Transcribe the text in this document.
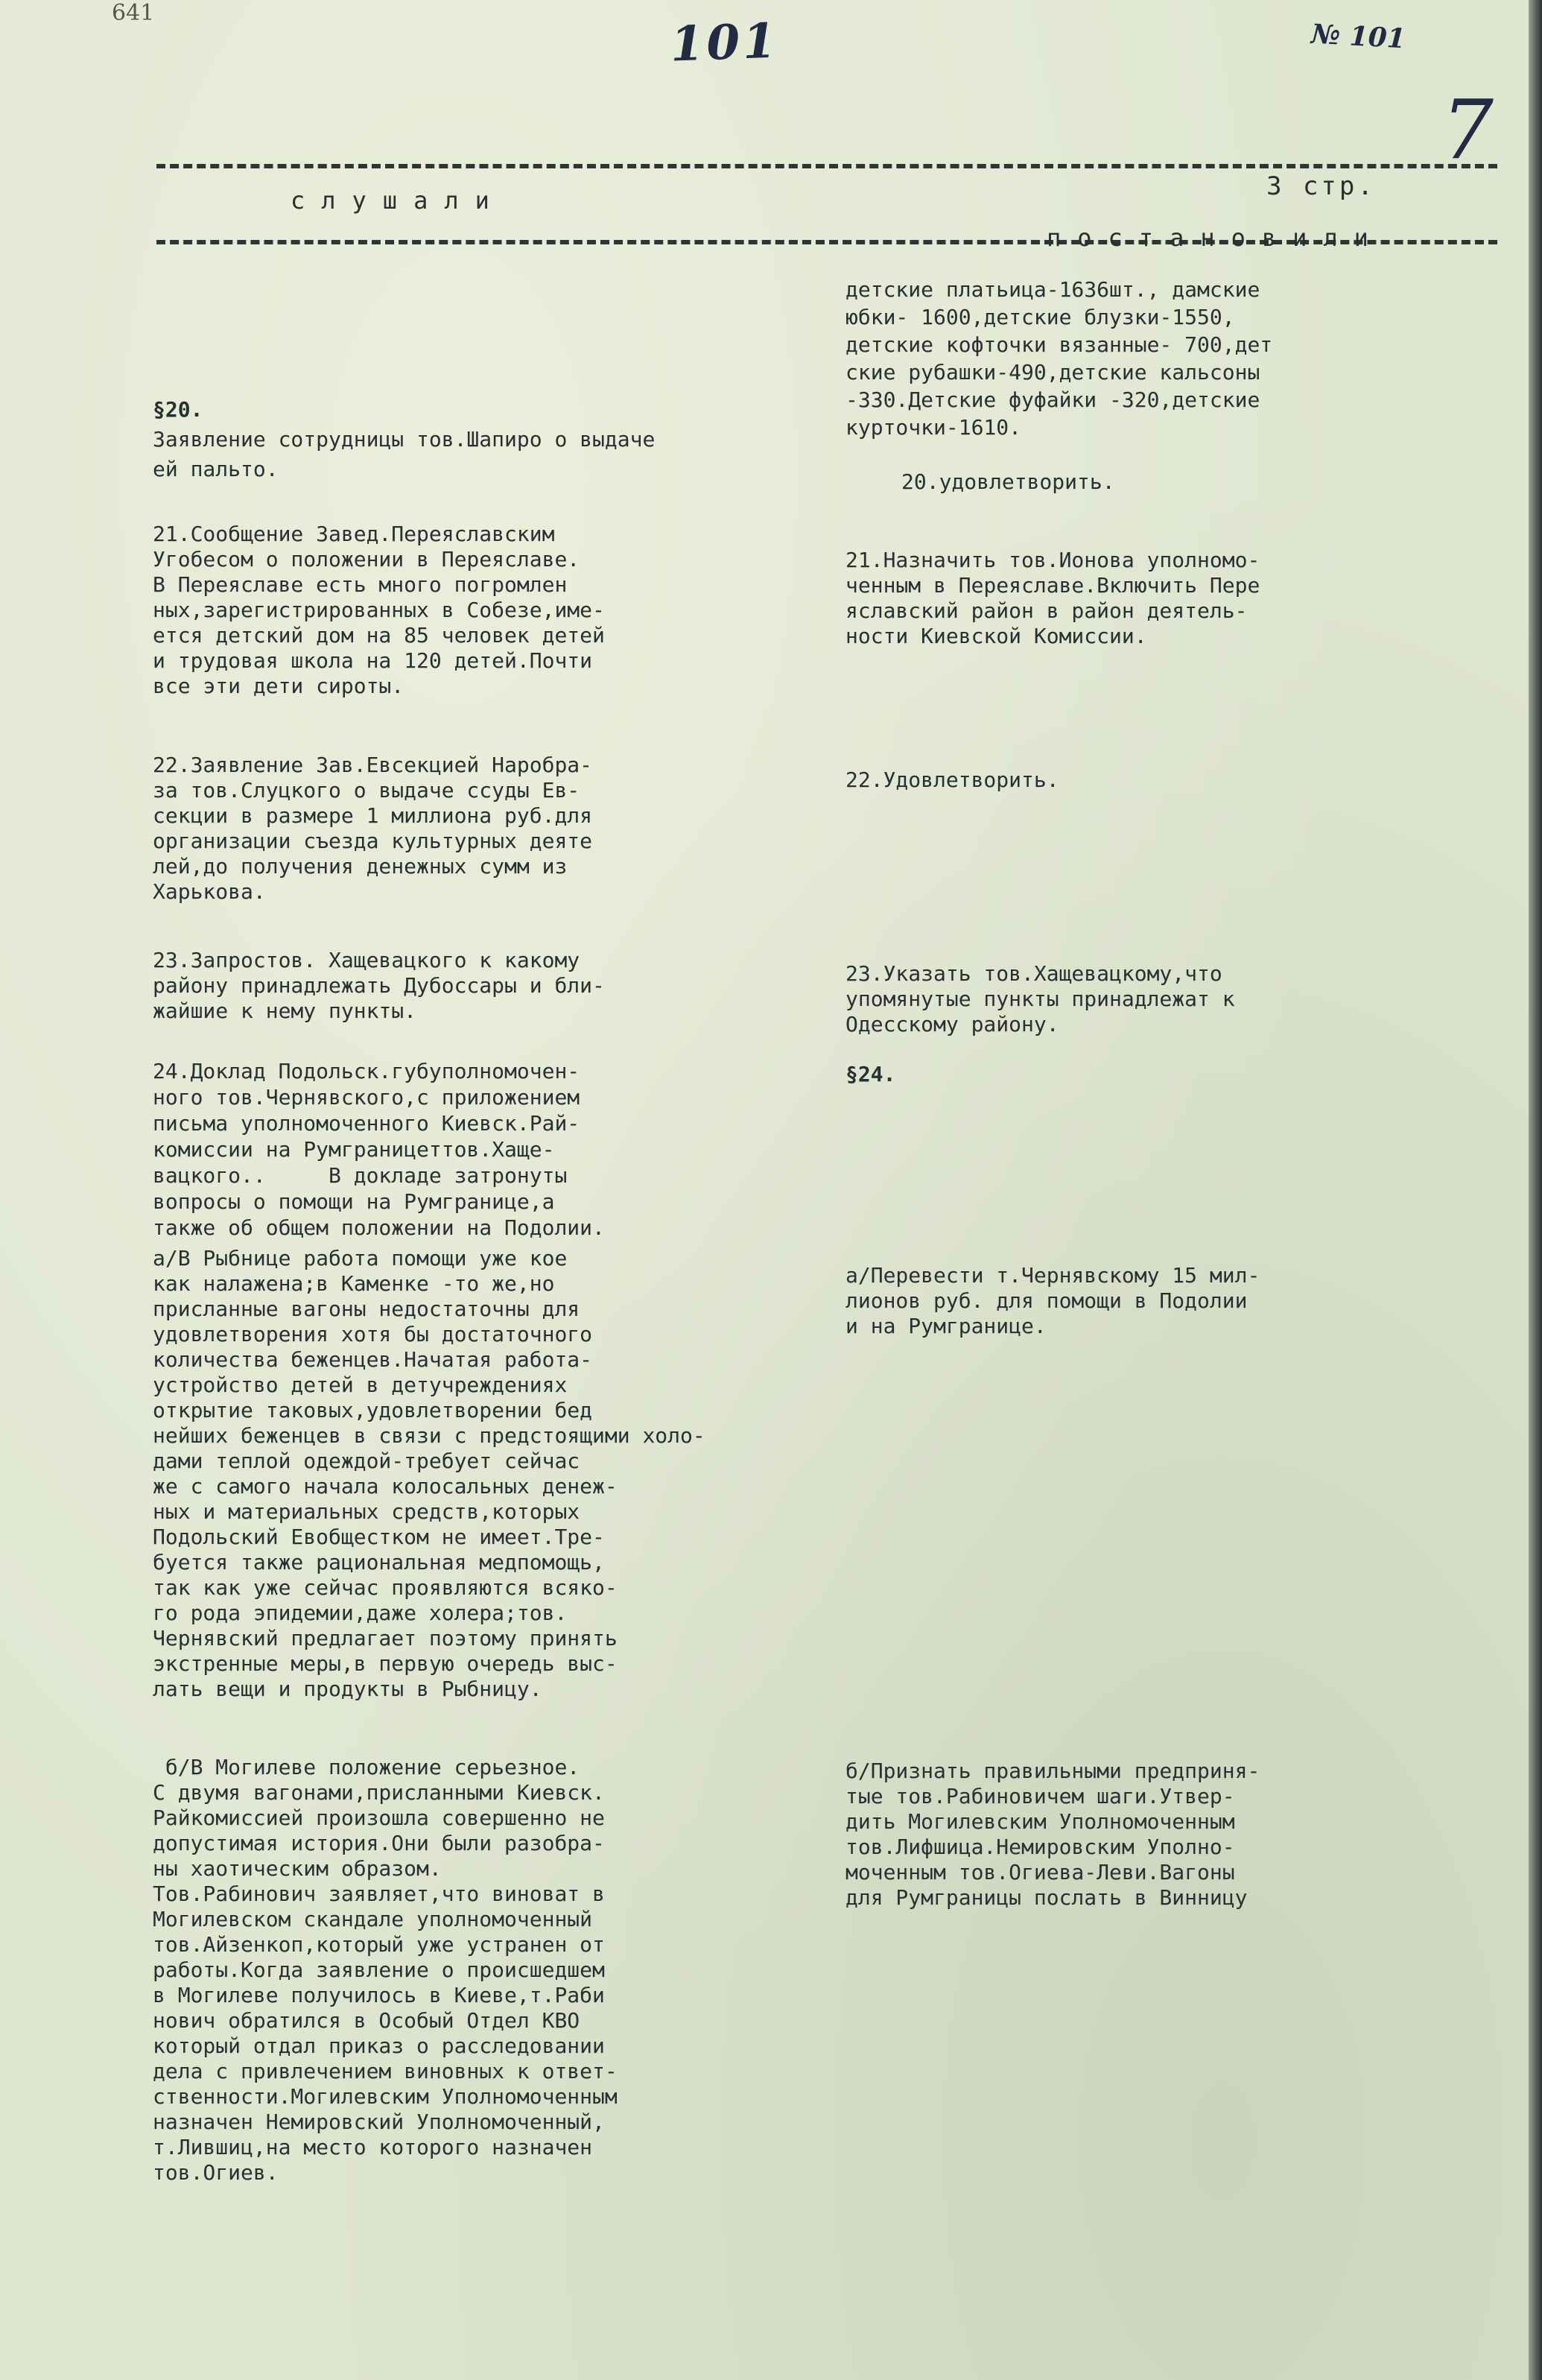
641	101	№ 101
7
слушали	3 стр.
постановили
детские платьица-1636шт., дамские
юбки- 1600,детские блузки-1550,
детские кофточки вязанные- 700,дет
ские рубашки-490,детские кальсоны
-330.Детские фуфайки -320,детские
курточки-1610.
§20.
Заявление сотрудницы тов.Шапиро о выдаче
ей пальто.
20.удовлетворить.
21.Сообщение Завед.Переяславским
Угобесом о положении в Переяславе.
В Переяславе есть много погромлен
ных,зарегистрированных в Собезе,име-
ется детский дом на 85 человек детей
и трудовая школа на 120 детей.Почти
все эти дети сироты.
21.Назначить тов.Ионова уполномо-
ченным в Переяславе.Включить Пере
яславский район в район деятель-
ности Киевской Комиссии.
22.Заявление Зав.Евсекцией Наробра-
за тов.Слуцкого о выдаче ссуды Ев-
секции в размере 1 миллиона руб.для
организации съезда культурных деяте
лей,до получения денежных сумм из
Харькова.
22.Удовлетворить.
23.Запростов. Хащевацкого к какому
району принадлежать Дубоссары и бли-
жайшие к нему пункты.
23.Указать тов.Хащевацкому,что
упомянутые пункты принадлежат к
Одесскому району.
24.Доклад Подольск.губуполномочен-
ного тов.Чернявского,с приложением
письма уполномоченного Киевск.Рай-
комиссии на Румграницеттов.Хаще-
вацкого..     В докладе затронуты
вопросы о помощи на Румгранице,а
также об общем положении на Подолии.
§24.
а/В Рыбнице работа помощи уже кое
как налажена;в Каменке -то же,но
присланные вагоны недостаточны для
удовлетворения хотя бы достаточного
количества беженцев.Начатая работа-
устройство детей в детучреждениях
открытие таковых,удовлетворении бед
нейших беженцев в связи с предстоящими холо-
дами теплой одеждой-требует сейчас
же с самого начала колосальных денеж-
ных и материальных средств,которых
Подольский Евобщестком не имеет.Тре-
буется также рациональная медпомощь,
так как уже сейчас проявляются всяко-
го рода эпидемии,даже холера;тов.
Чернявский предлагает поэтому принять
экстренные меры,в первую очередь выс-
лать вещи и продукты в Рыбницу.
а/Перевести т.Чернявскому 15 мил-
лионов руб. для помощи в Подолии
и на Румгранице.
б/В Могилеве положение серьезное.
С двумя вагонами,присланными Киевск.
Райкомиссией произошла совершенно не
допустимая история.Они были разобра-
ны хаотическим образом.
Тов.Рабинович заявляет,что виноват в
Могилевском скандале уполномоченный
тов.Айзенкоп,который уже устранен от
работы.Когда заявление о происшедшем
в Могилеве получилось в Киеве,т.Раби
нович обратился в Особый Отдел КВО
который отдал приказ о расследовании
дела с привлечением виновных к ответ-
ственности.Могилевским Уполномоченным
назначен Немировский Уполномоченный,
т.Лившиц,на место которого назначен
тов.Огиев.
б/Признать правильными предприня-
тые тов.Рабиновичем шаги.Утвер-
дить Могилевским Уполномоченным
тов.Лифшица.Немировским Уполно-
моченным тов.Огиева-Леви.Вагоны
для Румграницы послать в Винницу
